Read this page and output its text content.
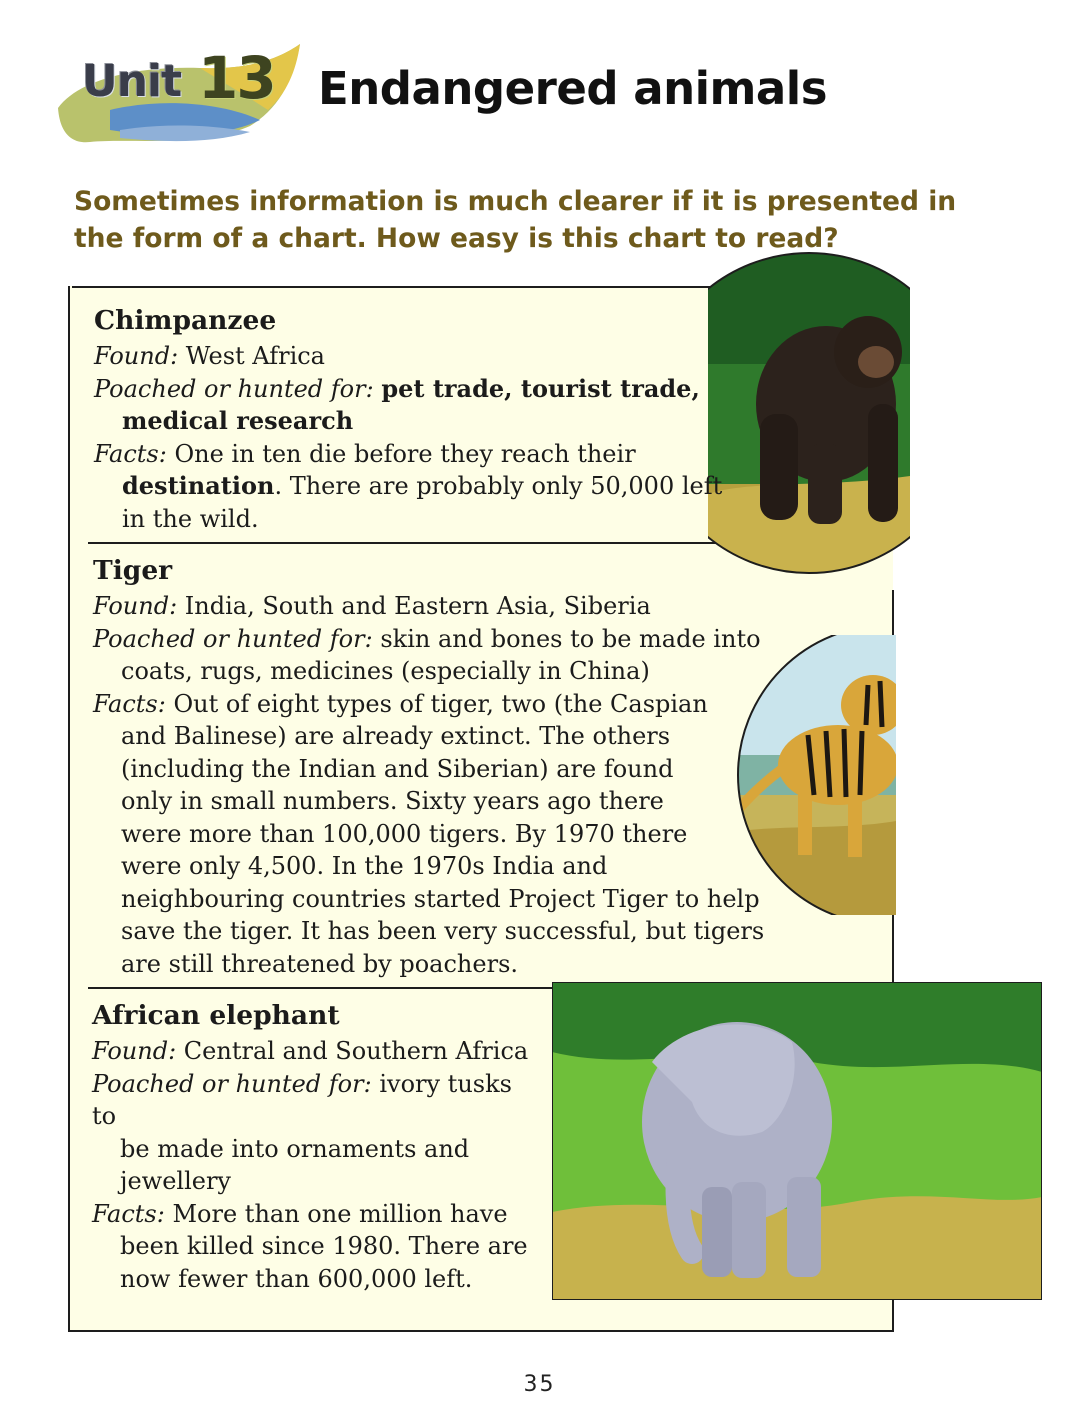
Unit 13 Endangered animals

Sometimes information is much clearer if it is presented in the form of a chart. How easy is this chart to read?

Chimpanzee

Found: West Africa

Poached or hunted for: pet trade, tourist trade,

medical research

Facts: One in ten die before they reach their

destination. There are probably only 50,000 left

in the wild.

Tiger

Found: India, South and Eastern Asia, Siberia

Poached or hunted for: skin and bones to be made into

coats, rugs, medicines (especially in China)

Facts: Out of eight types of tiger, two (the Caspian

and Balinese) are already extinct. The others

(including the Indian and Siberian) are found

only in small numbers. Sixty years ago there

were more than 100,000 tigers. By 1970 there

were only 4,500. In the 1970s India and

neighbouring countries started Project Tiger to help

save the tiger. It has been very successful, but tigers

are still threatened by poachers.

African elephant

Found: Central and Southern Africa

Poached or hunted for: ivory tusks to

be made into ornaments and

jewellery

Facts: More than one million have

been killed since 1980. There are

now fewer than 600,000 left.

35
